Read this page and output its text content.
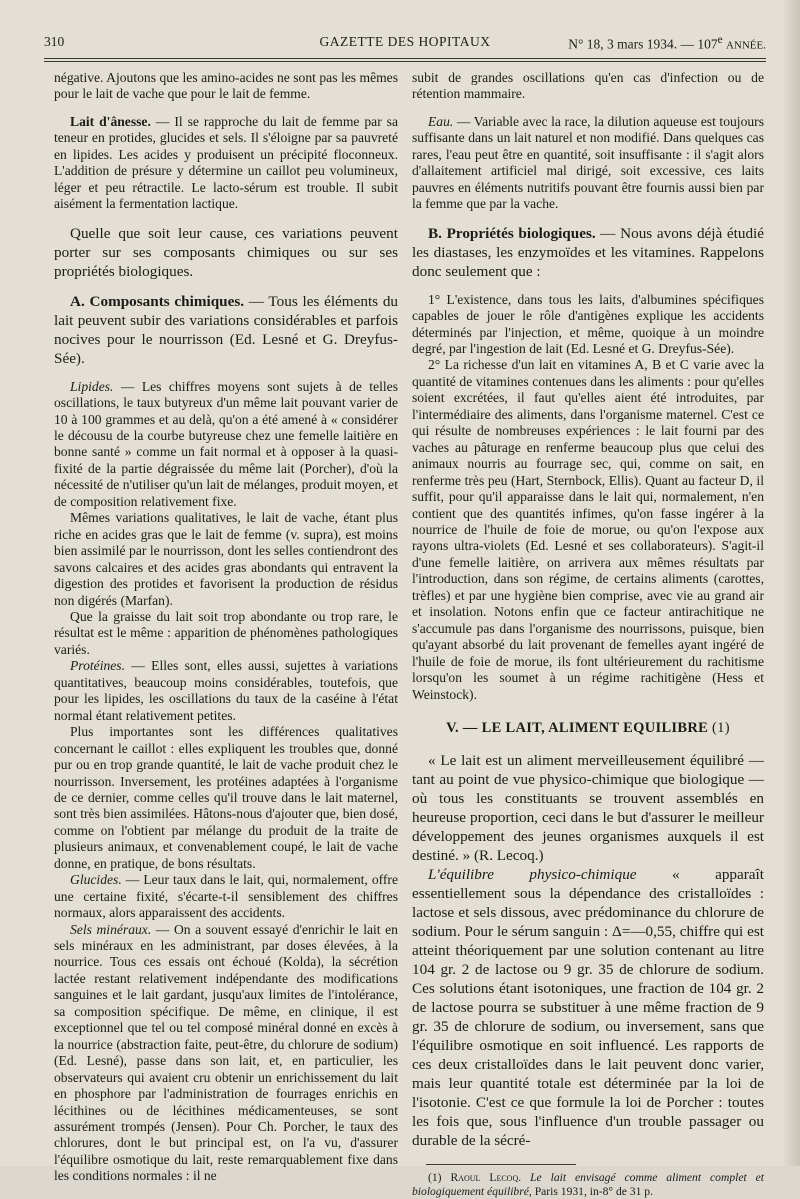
310	GAZETTE DES HOPITAUX	N° 18, 3 mars 1934. — 107e ANNÉE.

négative. Ajoutons que les amino-acides ne sont pas les mêmes pour le lait de vache que pour le lait de femme.

Lait d'ânesse. — Il se rapproche du lait de femme par sa teneur en protides, glucides et sels. Il s'éloigne par sa pauvreté en lipides. Les acides y produisent un précipité floconneux. L'addition de présure y détermine un caillot peu volumineux, léger et peu rétractile. Le lacto-sérum est trouble. Il subit aisément la fermentation lactique.

Quelle que soit leur cause, ces variations peuvent porter sur ses composants chimiques ou sur ses propriétés biologiques.

A. Composants chimiques. — Tous les éléments du lait peuvent subir des variations considérables et parfois nocives pour le nourrisson (Ed. Lesné et G. Dreyfus-Sée).

Lipides. — Les chiffres moyens sont sujets à de telles oscillations, le taux butyreux d'un même lait pouvant varier de 10 à 100 grammes et au delà, qu'on a été amené à « considérer le décousu de la courbe butyreuse chez une femelle laitière en bonne santé » comme un fait normal et à opposer à la quasi-fixité de la partie dégraissée du même lait (Porcher), d'où la nécessité de n'utiliser qu'un lait de mélanges, produit moyen, et de composition relativement fixe.

Mêmes variations qualitatives, le lait de vache, étant plus riche en acides gras que le lait de femme (v. supra), est moins bien assimilé par le nourrisson, dont les selles contiendront des savons calcaires et des acides gras abondants qui entravent la digestion des protides et favorisent la production de résidus non digérés (Marfan).

Que la graisse du lait soit trop abondante ou trop rare, le résultat est le même : apparition de phénomènes pathologiques variés.

Protéines. — Elles sont, elles aussi, sujettes à variations quantitatives, beaucoup moins considérables, toutefois, que pour les lipides, les oscillations du taux de la caséine à l'état normal étant relativement petites.

Plus importantes sont les différences qualitatives concernant le caillot : elles expliquent les troubles que, donné pur ou en trop grande quantité, le lait de vache produit chez le nourrisson. Inversement, les protéines adaptées à l'organisme de ce dernier, comme celles qu'il trouve dans le lait maternel, sont très bien assimilées. Hâtons-nous d'ajouter que, bien dosé, comme on l'obtient par mélange du produit de la traite de plusieurs animaux, et convenablement coupé, le lait de vache donne, en pratique, de bons résultats.

Glucides. — Leur taux dans le lait, qui, normalement, offre une certaine fixité, s'écarte-t-il sensiblement des chiffres normaux, alors apparaissent des accidents.

Sels minéraux. — On a souvent essayé d'enrichir le lait en sels minéraux en les administrant, par doses élevées, à la nourrice. Tous ces essais ont échoué (Kolda), la sécrétion lactée restant relativement indépendante des modifications sanguines et le lait gardant, jusqu'aux limites de l'intolérance, sa composition spécifique. De même, en clinique, il est exceptionnel que tel ou tel composé minéral donné en excès à la nourrice (abstraction faite, peut-être, du chlorure de sodium) (Ed. Lesné), passe dans son lait, et, en particulier, les observateurs qui avaient cru obtenir un enrichissement du lait en phosphore par l'administration de fourrages enrichis en lécithines ou de lécithines médicamenteuses, se sont assurément trompés (Jensen). Pour Ch. Porcher, le taux des chlorures, dont le but principal est, on l'a vu, d'assurer l'équilibre osmotique du lait, reste remarquablement fixe dans les conditions normales : il ne

subit de grandes oscillations qu'en cas d'infection ou de rétention mammaire.

Eau. — Variable avec la race, la dilution aqueuse est toujours suffisante dans un lait naturel et non modifié. Dans quelques cas rares, l'eau peut être en quantité, soit insuffisante : il s'agit alors d'allaitement artificiel mal dirigé, soit excessive, ces laits pauvres en éléments nutritifs pouvant être fournis aussi bien par la femme que par la vache.

B. Propriétés biologiques. — Nous avons déjà étudié les diastases, les enzymoïdes et les vitamines. Rappelons donc seulement que :

1° L'existence, dans tous les laits, d'albumines spécifiques capables de jouer le rôle d'antigènes explique les accidents déterminés par l'injection, et même, quoique à un moindre degré, par l'ingestion de lait (Ed. Lesné et G. Dreyfus-Sée).

2° La richesse d'un lait en vitamines A, B et C varie avec la quantité de vitamines contenues dans les aliments : pour qu'elles soient excrétées, il faut qu'elles aient été introduites, par l'intermédiaire des aliments, dans l'organisme maternel. C'est ce qui résulte de nombreuses expériences : le lait fourni par des vaches au pâturage en renferme beaucoup plus que celui des animaux nourris au fourrage sec, qui, comme on sait, en renferme très peu (Hart, Sternbock, Ellis). Quant au facteur D, il suffit, pour qu'il apparaisse dans le lait qui, normalement, n'en contient que des quantités infimes, qu'on fasse ingérer à la nourrice de l'huile de foie de morue, ou qu'on l'expose aux rayons ultra-violets (Ed. Lesné et ses collaborateurs). S'agit-il d'une femelle laitière, on arrivera aux mêmes résultats par l'introduction, dans son régime, de certains aliments (carottes, trèfles) et par une hygiène bien comprise, avec vie au grand air et insolation. Notons enfin que ce facteur antirachitique ne s'accumule pas dans l'organisme des nourrissons, puisque, bien qu'ayant absorbé du lait provenant de femelles ayant ingéré de l'huile de foie de morue, ils font ultérieurement du rachitisme lorsqu'on les soumet à un régime rachitigène (Hess et Weinstock).

V. — LE LAIT, ALIMENT EQUILIBRE (1)

« Le lait est un aliment merveilleusement équilibré — tant au point de vue physico-chimique que biologique — où tous les constituants se trouvent assemblés en heureuse proportion, ceci dans le but d'assurer le meilleur développement des jeunes organismes auxquels il est destiné. » (R. Lecoq.)

L'équilibre physico-chimique « apparaît essentiellement sous la dépendance des cristalloïdes : lactose et sels dissous, avec prédominance du chlorure de sodium. Pour le sérum sanguin : Δ=—0,55, chiffre qui est atteint théoriquement par une solution contenant au litre 104 gr. 2 de lactose ou 9 gr. 35 de chlorure de sodium. Ces solutions étant isotoniques, une fraction de 104 gr. 2 de lactose pourra se substituer à une même fraction de 9 gr. 35 de chlorure de sodium, ou inversement, sans que l'équilibre osmotique en soit influencé. Les rapports de ces deux cristalloïdes dans le lait peuvent donc varier, mais leur quantité totale est déterminée par la loi de l'isotonie. C'est ce que formule la loi de Porcher : toutes les fois que, sous l'influence d'un trouble passager ou durable de la sécré-

(1) Raoul Lecoq. Le lait envisagé comme aliment complet et biologiquement équilibré, Paris 1931, in-8° de 31 p.
